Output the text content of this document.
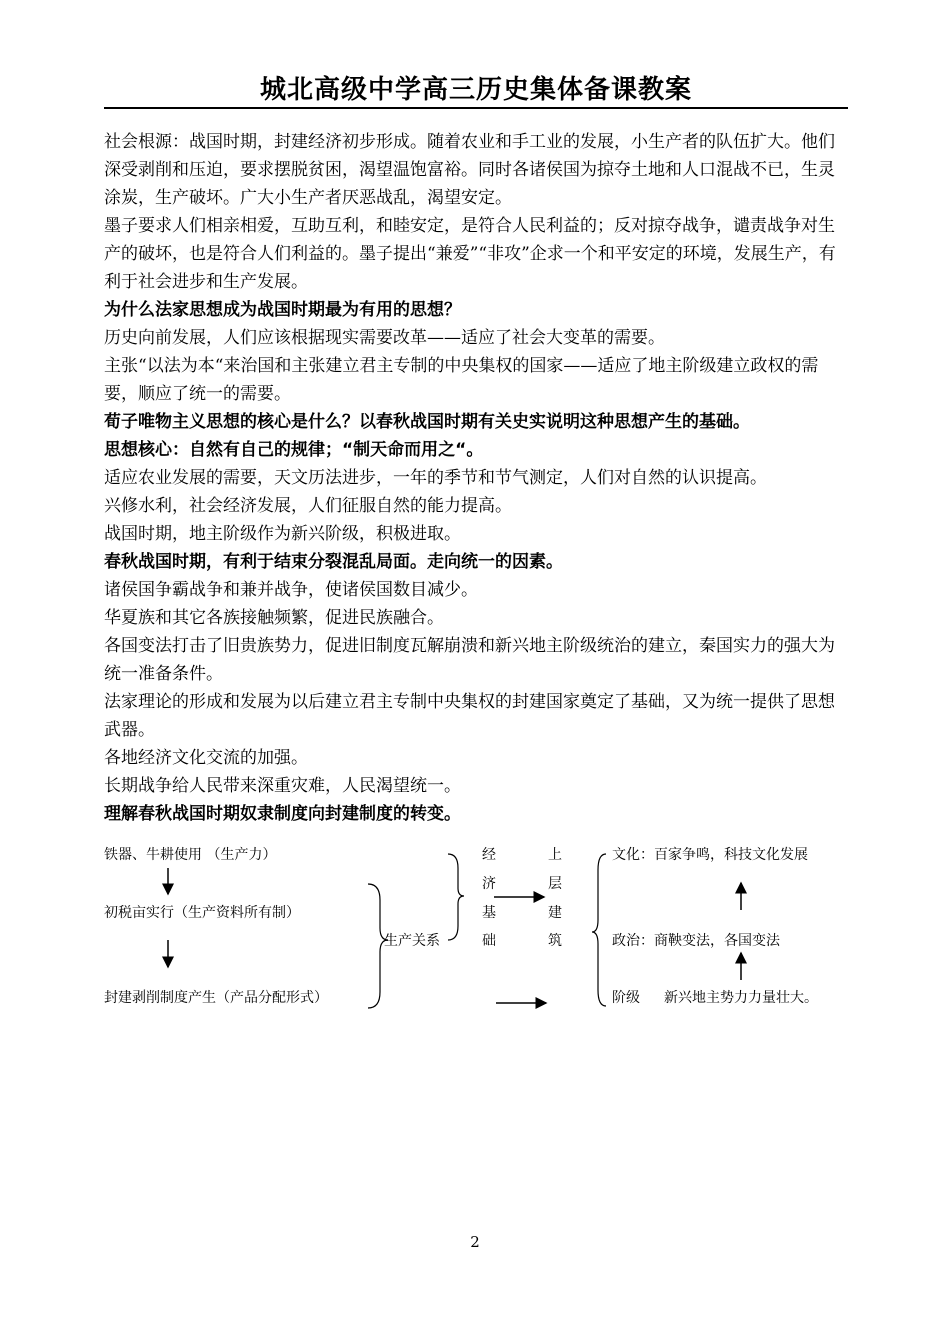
城北高级中学高三历史集体备课教案

社会根源：战国时期，封建经济初步形成。随着农业和手工业的发展，小生产者的队伍扩大。他们深受剥削和压迫，要求摆脱贫困，渴望温饱富裕。同时各诸侯国为掠夺土地和人口混战不已，生灵涂炭，生产破坏。广大小生产者厌恶战乱，渴望安定。

墨子要求人们相亲相爱，互助互利，和睦安定，是符合人民利益的；反对掠夺战争，谴责战争对生产的破坏，也是符合人们利益的。墨子提出“兼爱”“非攻”企求一个和平安定的环境，发展生产，有利于社会进步和生产发展。

为什么法家思想成为战国时期最为有用的思想？

历史向前发展，人们应该根据现实需要改革——适应了社会大变革的需要。

主张“以法为本“来治国和主张建立君主专制的中央集权的国家——适应了地主阶级建立政权的需要，顺应了统一的需要。

荀子唯物主义思想的核心是什么？以春秋战国时期有关史实说明这种思想产生的基础。

思想核心：自然有自己的规律；“制天命而用之“。

适应农业发展的需要，天文历法进步，一年的季节和节气测定，人们对自然的认识提高。

兴修水利，社会经济发展，人们征服自然的能力提高。

战国时期，地主阶级作为新兴阶级，积极进取。

春秋战国时期，有利于结束分裂混乱局面。走向统一的因素。

诸侯国争霸战争和兼并战争，使诸侯国数目减少。

华夏族和其它各族接触频繁，促进民族融合。

各国变法打击了旧贵族势力，促进旧制度瓦解崩溃和新兴地主阶级统治的建立，秦国实力的强大为统一准备条件。

法家理论的形成和发展为以后建立君主专制中央集权的封建国家奠定了基础，又为统一提供了思想武器。

各地经济文化交流的加强。

长期战争给人民带来深重灾难，人民渴望统一。

理解春秋战国时期奴隶制度向封建制度的转变。

铁器、牛耕使用 （生产力）
初税亩实行（生产资料所有制）
封建剥削制度产生（产品分配形式）
生产关系
经
济
基
础
上
层
建
筑
文化：百家争鸣，科技文化发展
政治：商鞅变法，各国变法
阶级 新兴地主势力力量壮大。
2
